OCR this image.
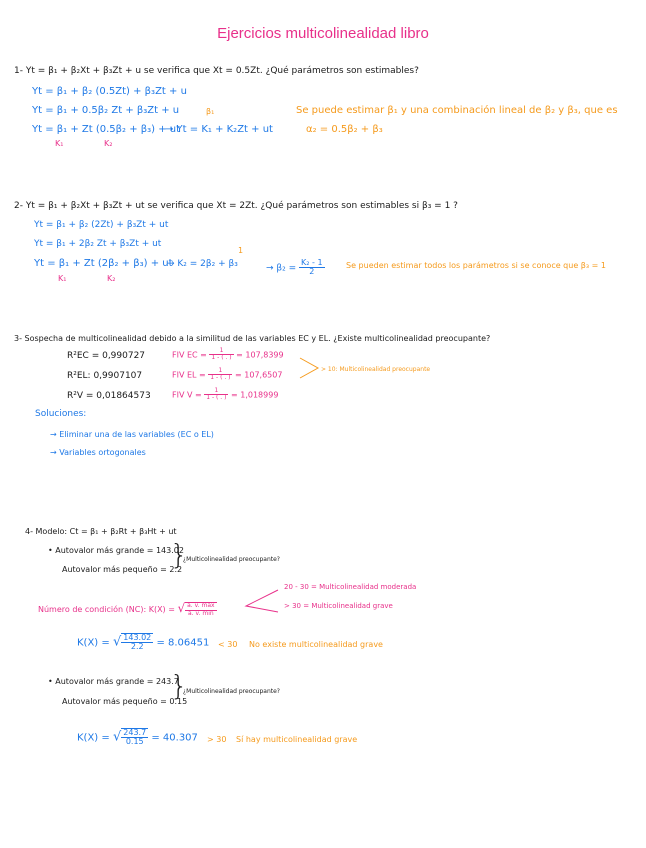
Ejercicios multicolinealidad libro
1- Yt = β₁ + β₂Xt + β₃Zt + u se verifica que Xt = 0.5Zt. ¿Qué parámetros son estimables?
Yt = β₁ + β₂ (0.5Zt) + β₃Zt + u
Yt = β₁ + 0.5β₂ Zt + β₃Zt + u
Yt = β₁ + Zt (0.5β₂ + β₃) + ut
K₁	K₂
→ Yt = K₁ + K₂Zt + ut
β₁	Se puede estimar β₁ y una combinación lineal de β₂ y β₃, que es
α₂ = 0.5β₂ + β₃
2- Yt = β₁ + β₂Xt + β₃Zt + ut se verifica que Xt = 2Zt. ¿Qué parámetros son estimables si β₃ = 1 ?
Yt = β₁ + β₂ (2Zt) + β₃Zt + ut
Yt = β₁ + 2β₂ Zt + β₃Zt + ut
Yt = β₁ + Zt (2β₂ + β₃) + ut
K₁	K₂
→ K₂ = 2β₂ + β₃
1
→ $\beta_2 = \frac{\text{K₂ - 1}}{2}$	Se pueden estimar todos los parámetros si se conoce que β₃ = 1
3- Sospecha de multicolinealidad debido a la similitud de las variables EC y EL. ¿Existe multicolinealidad preocupante?
R²EC = 0,990727
R²EL: 0,9907107
R²V = 0,01864573
FIV EC = $\frac{1}{1 - ( . )} = 107,8399$
FIV EL = $\frac{1}{1 - ( . )} = 107,6507$
FIV $V = \frac{1}{1 - ( . )} = 1,018999$
> 10: Multicolinealidad preocupante
Soluciones:
→ Eliminar una de las variables (EC o EL)
→ Variables ortogonales
4- Modelo: Ct = β₁ + β₂Rt + β₃Ht + ut
• Autovalor más grande = 143.02
Autovalor más pequeño = 2.2
}
¿Multicolinealidad preocupante?
Número de condición (NC): K(X) = √ $\frac{a. v. \max}{a. v. \min}$
20 - 30 = Multicolinealidad moderada
> 30 = Multicolinealidad grave
K(X) = √ $\frac{143.02}{2.2} = 8.06451 < 30$ No existe multicolinealidad grave
• Autovalor más grande = 243.7
Autovalor más pequeño = 0.15
}
¿Multicolinealidad preocupante?
K(X) = √ $\frac{243.7}{0.15} = 40.307 > 30$ Sí hay multicolinealidad grave
